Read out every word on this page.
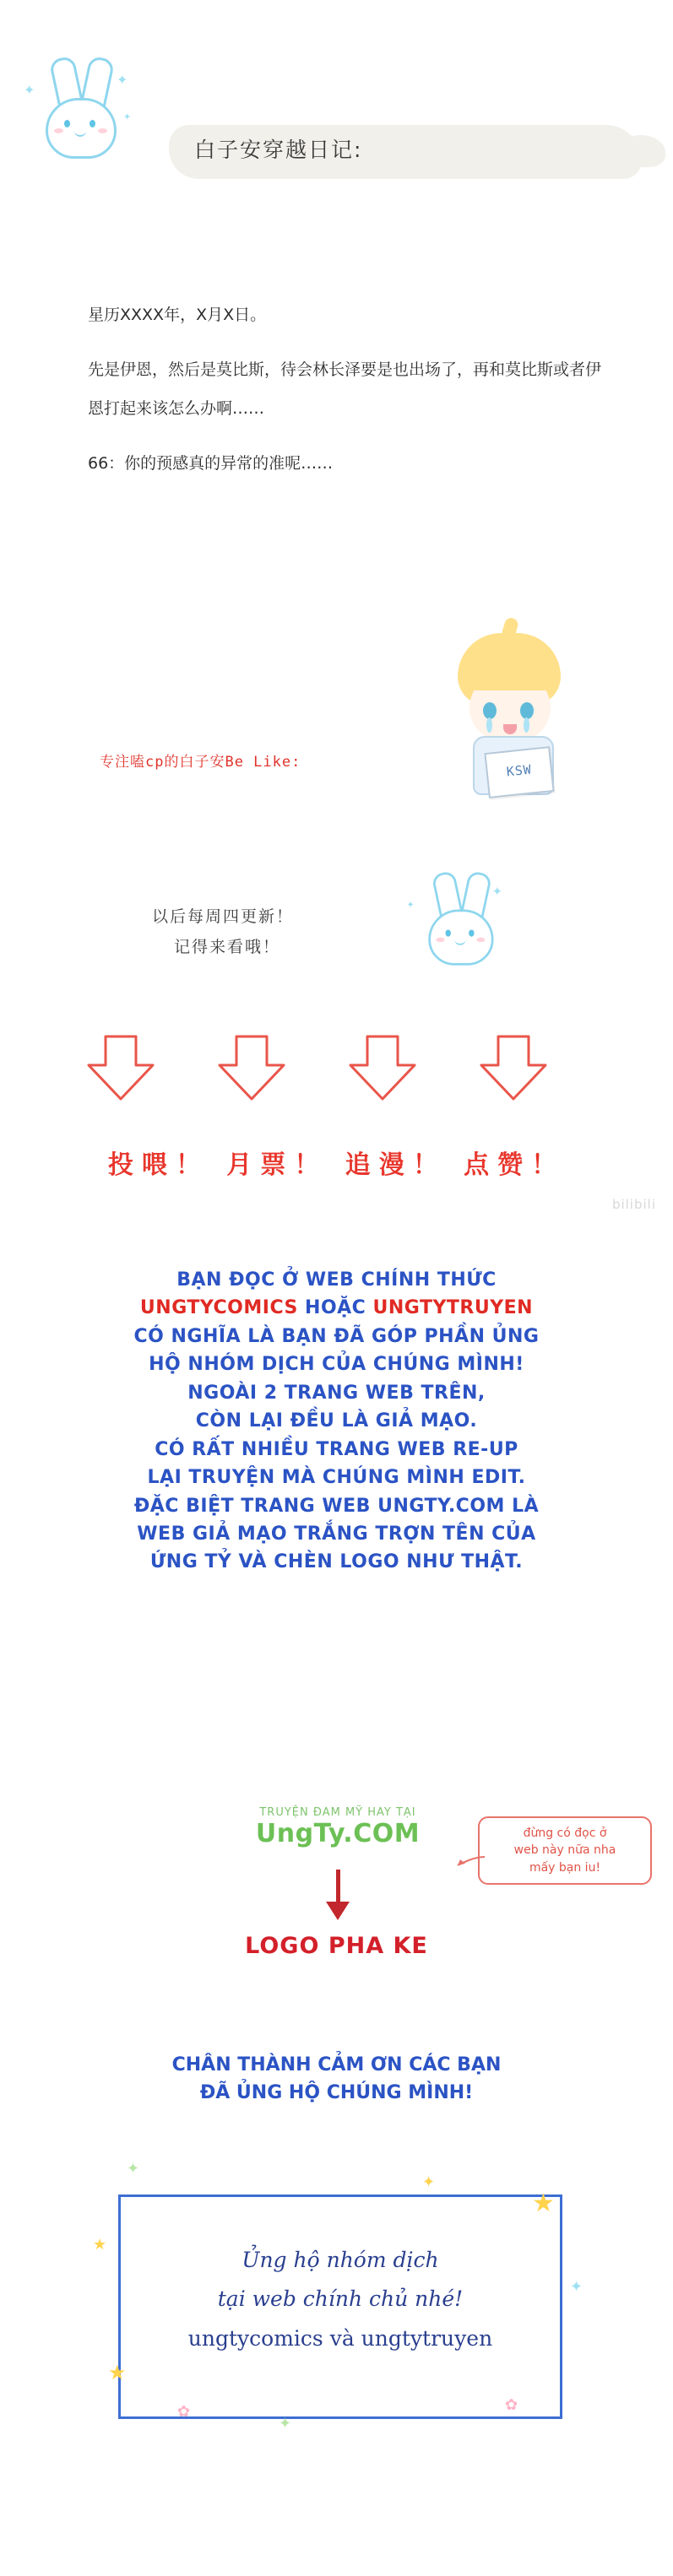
白子安穿越日记:
✦
✦
✦

星历XXXX年，X月X日。

先是伊恩，然后是莫比斯，待会林长泽要是也出场了，再和莫比斯或者伊恩打起来该怎么办啊……

66：你的预感真的异常的准呢……

KSW
专注嗑cp的白子安Be Like:
以后每周四更新！
记得来看哦！
✦
✦
投喂！ 月票！ 追漫！ 点赞！
bilibili
BẠN ĐỌC Ở WEB CHÍNH THỨC
UNGTYCOMICS HOẶC UNGTYTRUYEN
CÓ NGHĨA LÀ BẠN ĐÃ GÓP PHẦN ỦNG
HỘ NHÓM DỊCH CỦA CHÚNG MÌNH!
NGOÀI 2 TRANG WEB TRÊN,
CÒN LẠI ĐỀU LÀ GIẢ MẠO.
CÓ RẤT NHIỀU TRANG WEB RE-UP
LẠI TRUYỆN MÀ CHÚNG MÌNH EDIT.
ĐẶC BIỆT TRANG WEB UNGTY.COM LÀ
WEB GIẢ MẠO TRẮNG TRỢN TÊN CỦA
ỨNG TỶ VÀ CHÈN LOGO NHƯ THẬT.
TRUYỆN ĐAM MỸ HAY TẠI
UngTy.COM	đừng có đọc ở
web này nữa nha
mấy bạn iu!
LOGO PHA KE
CHÂN THÀNH CẢM ƠN CÁC BẠN
ĐÃ ỦNG HỘ CHÚNG MÌNH!
Ủng hộ nhóm dịch
tại web chính chủ nhé!
ungtycomics và ungtytruyen
★
★
✦
★
✿
✿
✦
✦
✦
